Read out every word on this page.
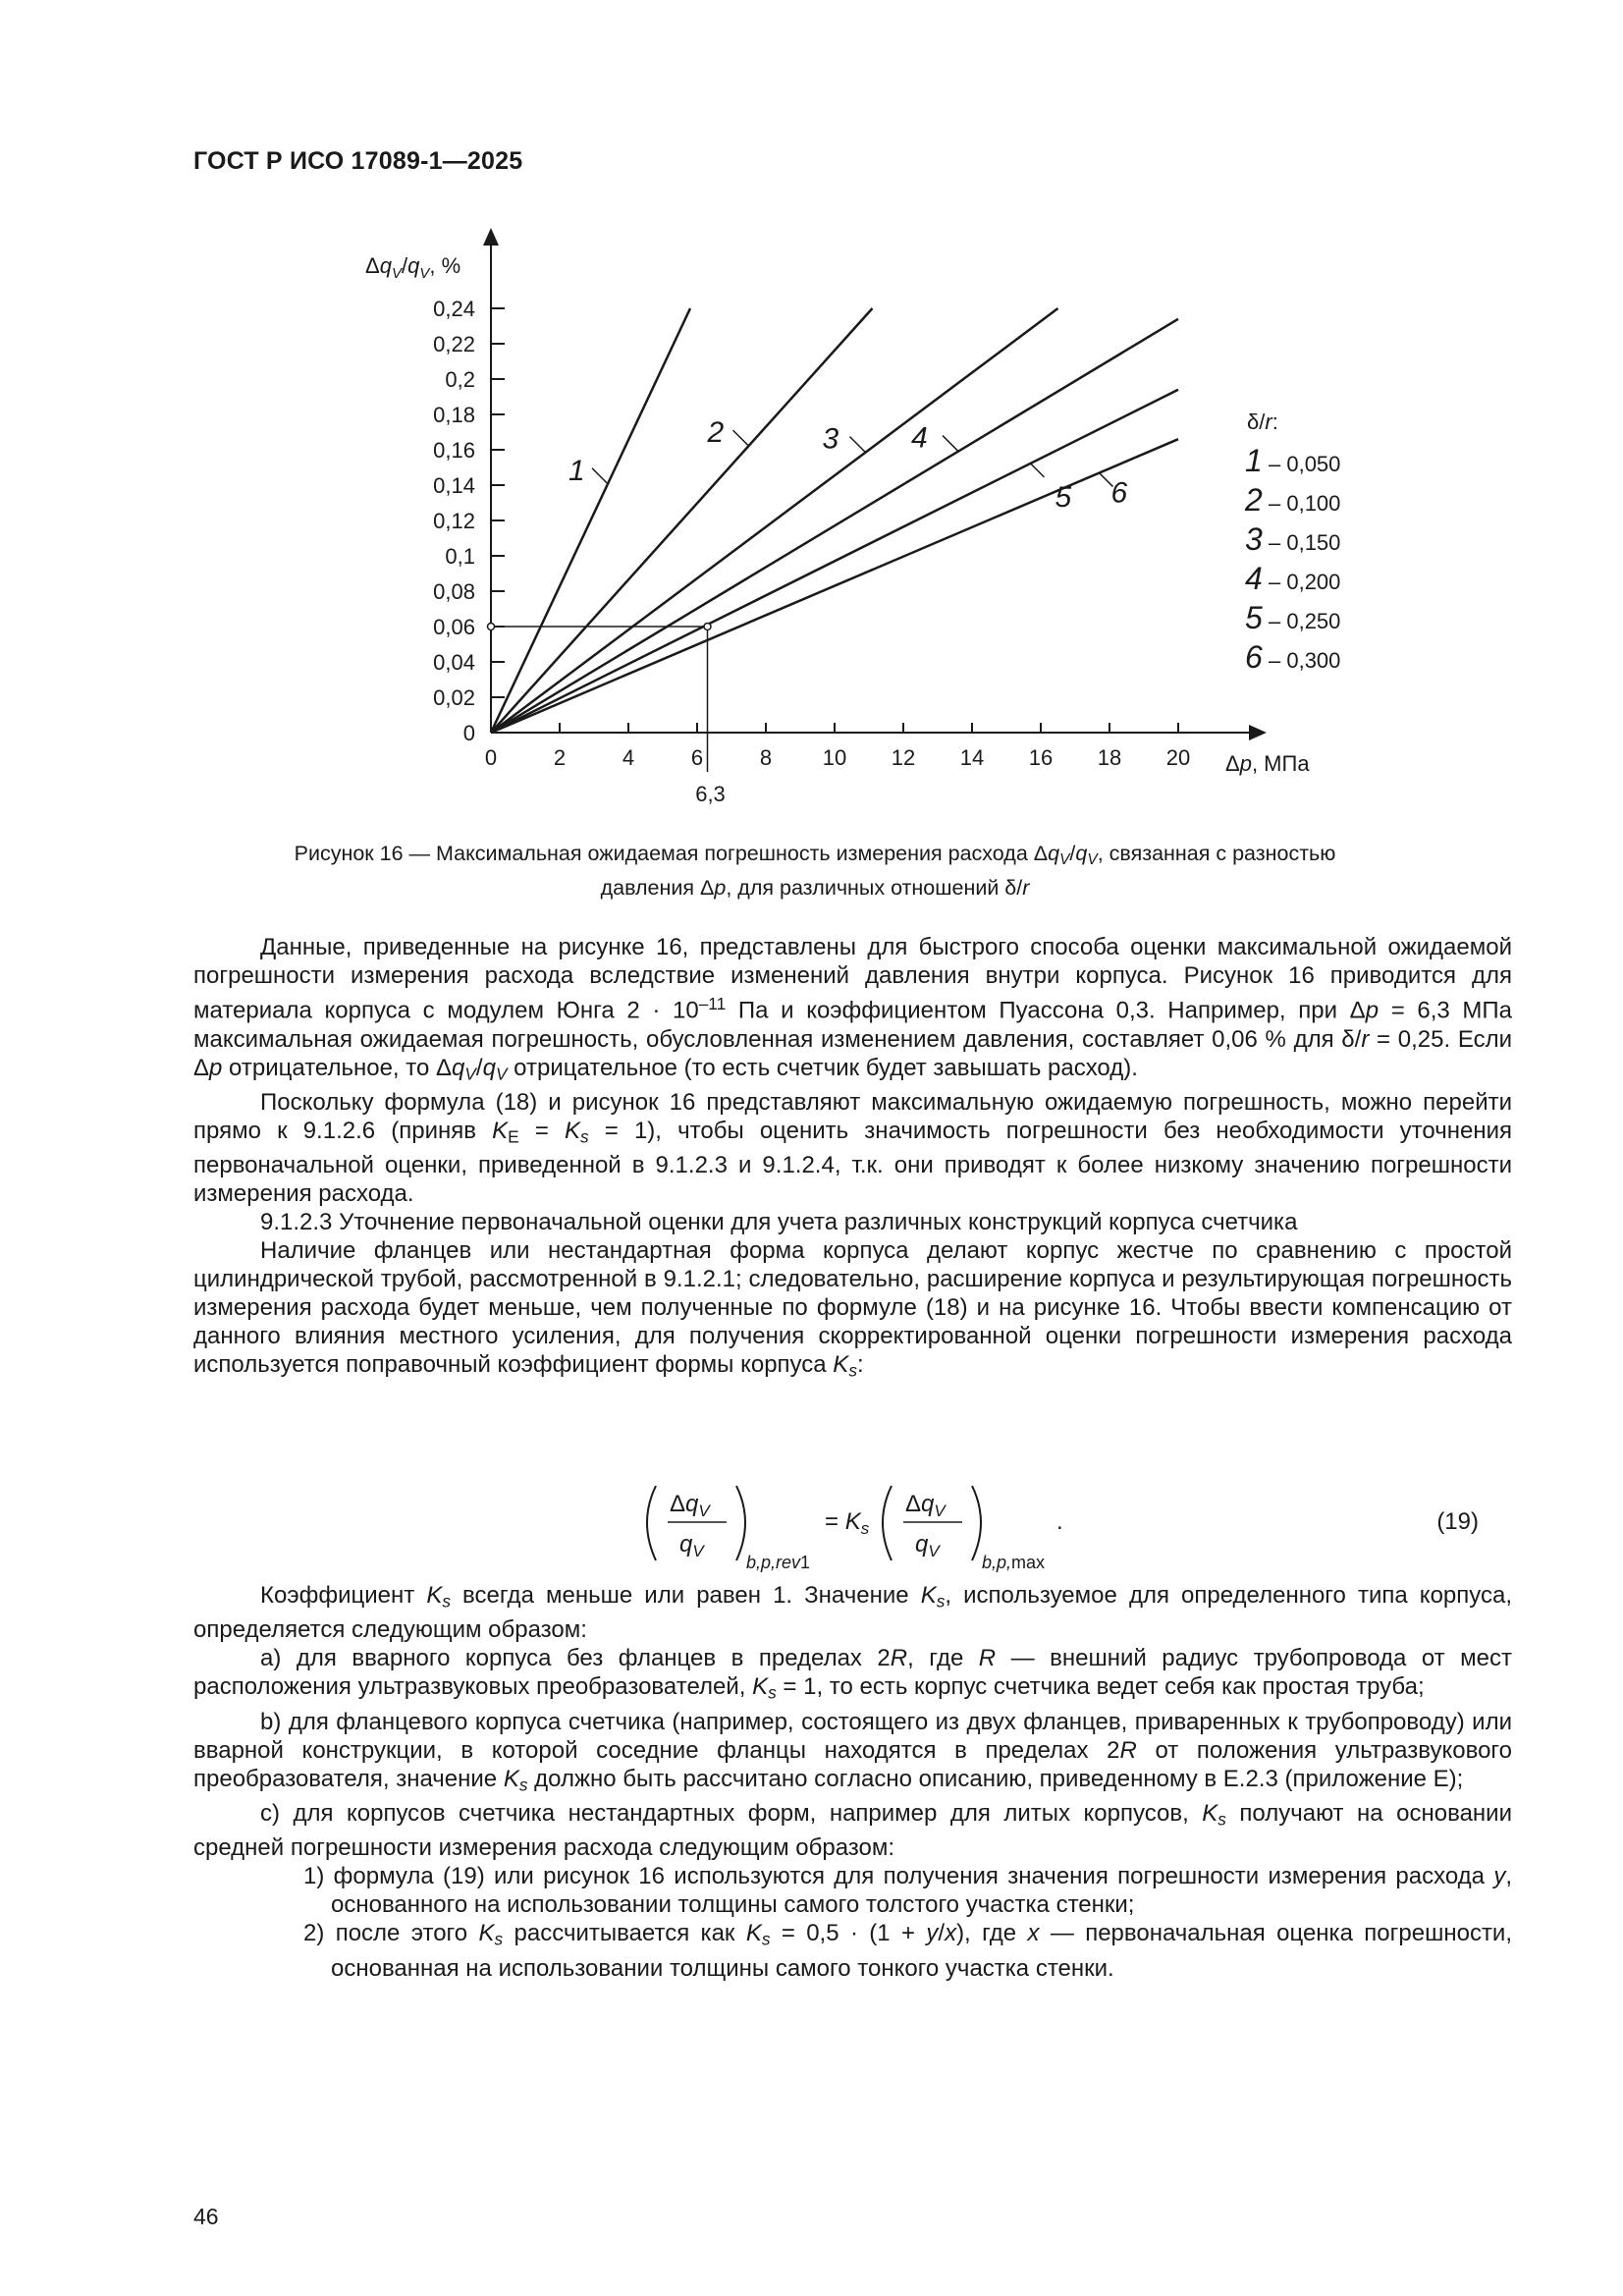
ГОСТ Р ИСО 17089-1—2025
0	2	4	6	8 10 12 14 16 18 20
0
0,02
0,04
0,06
0,08
0,1
0,12
0,14
0,16
0,18
0,2
0,22
0,24
1
2	3 4
5 6
6,3
$\Delta q_V/q_V$, %
Δp, МПа
δ/r:
1 – 0,050
2 – 0,100
3 – 0,150
4 – 0,200
5 – 0,250
6 – 0,300
Рисунок 16 — Максимальная ожидаемая погрешность измерения расхода $\Delta q_V/q_V$, связанная с разностью
давления Δp, для различных отношений δ/r

Данные, приведенные на рисунке 16, представлены для быстрого способа оценки максимальной ожидаемой погрешности измерения расхода вследствие изменений давления внутри корпуса. Рисунок 16 приводится для материала корпуса с модулем Юнга $2 \cdot 10^{-11}$ Па и коэффициентом Пуассона 0,3. Например, при Δp = 6,3 МПа максимальная ожидаемая погрешность, обусловленная изменением давления, составляет 0,06 % для δ/r = 0,25. Если Δp отрицательное, то $\Delta q_V/q_V$ отрицательное (то есть счетчик будет завышать расход).

Поскольку формула (18) и рисунок 16 представляют максимальную ожидаемую погрешность, можно перейти прямо к 9.1.2.6 (приняв $K_E = K_s = 1$), чтобы оценить значимость погрешности без необходимости уточнения первоначальной оценки, приведенной в 9.1.2.3 и 9.1.2.4, т.к. они приводят к более низкому значению погрешности измерения расхода.

9.1.2.3 Уточнение первоначальной оценки для учета различных конструкций корпуса счетчика

Наличие фланцев или нестандартная форма корпуса делают корпус жестче по сравнению с простой цилиндрической трубой, рассмотренной в 9.1.2.1; следовательно, расширение корпуса и результирующая погрешность измерения расхода будет меньше, чем полученные по формуле (18) и на рисунке 16. Чтобы ввести компенсацию от данного влияния местного усиления, для получения скорректированной оценки погрешности измерения расхода используется поправочный коэффициент формы корпуса $K_s$:

$\Delta q_V$
$q_V$
b,p,rev1
= $K_s$
$\Delta q_V$
$q_V$
b,p,max
.	(19)

Коэффициент $K_s$ всегда меньше или равен 1. Значение $K_s$, используемое для определенного типа корпуса, определяется следующим образом:

a) для вварного корпуса без фланцев в пределах 2R, где R — внешний радиус трубопровода от мест расположения ультразвуковых преобразователей, $K_s = 1$, то есть корпус счетчика ведет себя как простая труба;

b) для фланцевого корпуса счетчика (например, состоящего из двух фланцев, приваренных к трубопроводу) или вварной конструкции, в которой соседние фланцы находятся в пределах 2R от положения ультразвукового преобразователя, значение $K_s$ должно быть рассчитано согласно описанию, приведенному в Е.2.3 (приложение Е);

c) для корпусов счетчика нестандартных форм, например для литых корпусов, $K_s$ получают на основании средней погрешности измерения расхода следующим образом:

1) формула (19) или рисунок 16 используются для получения значения погрешности измерения расхода y, основанного на использовании толщины самого толстого участка стенки;

2) после этого $K_s$ рассчитывается как $K_s = 0,5 \cdot (1 + y/x)$, где x — первоначальная оценка погрешности, основанная на использовании толщины самого тонкого участка стенки.

46
